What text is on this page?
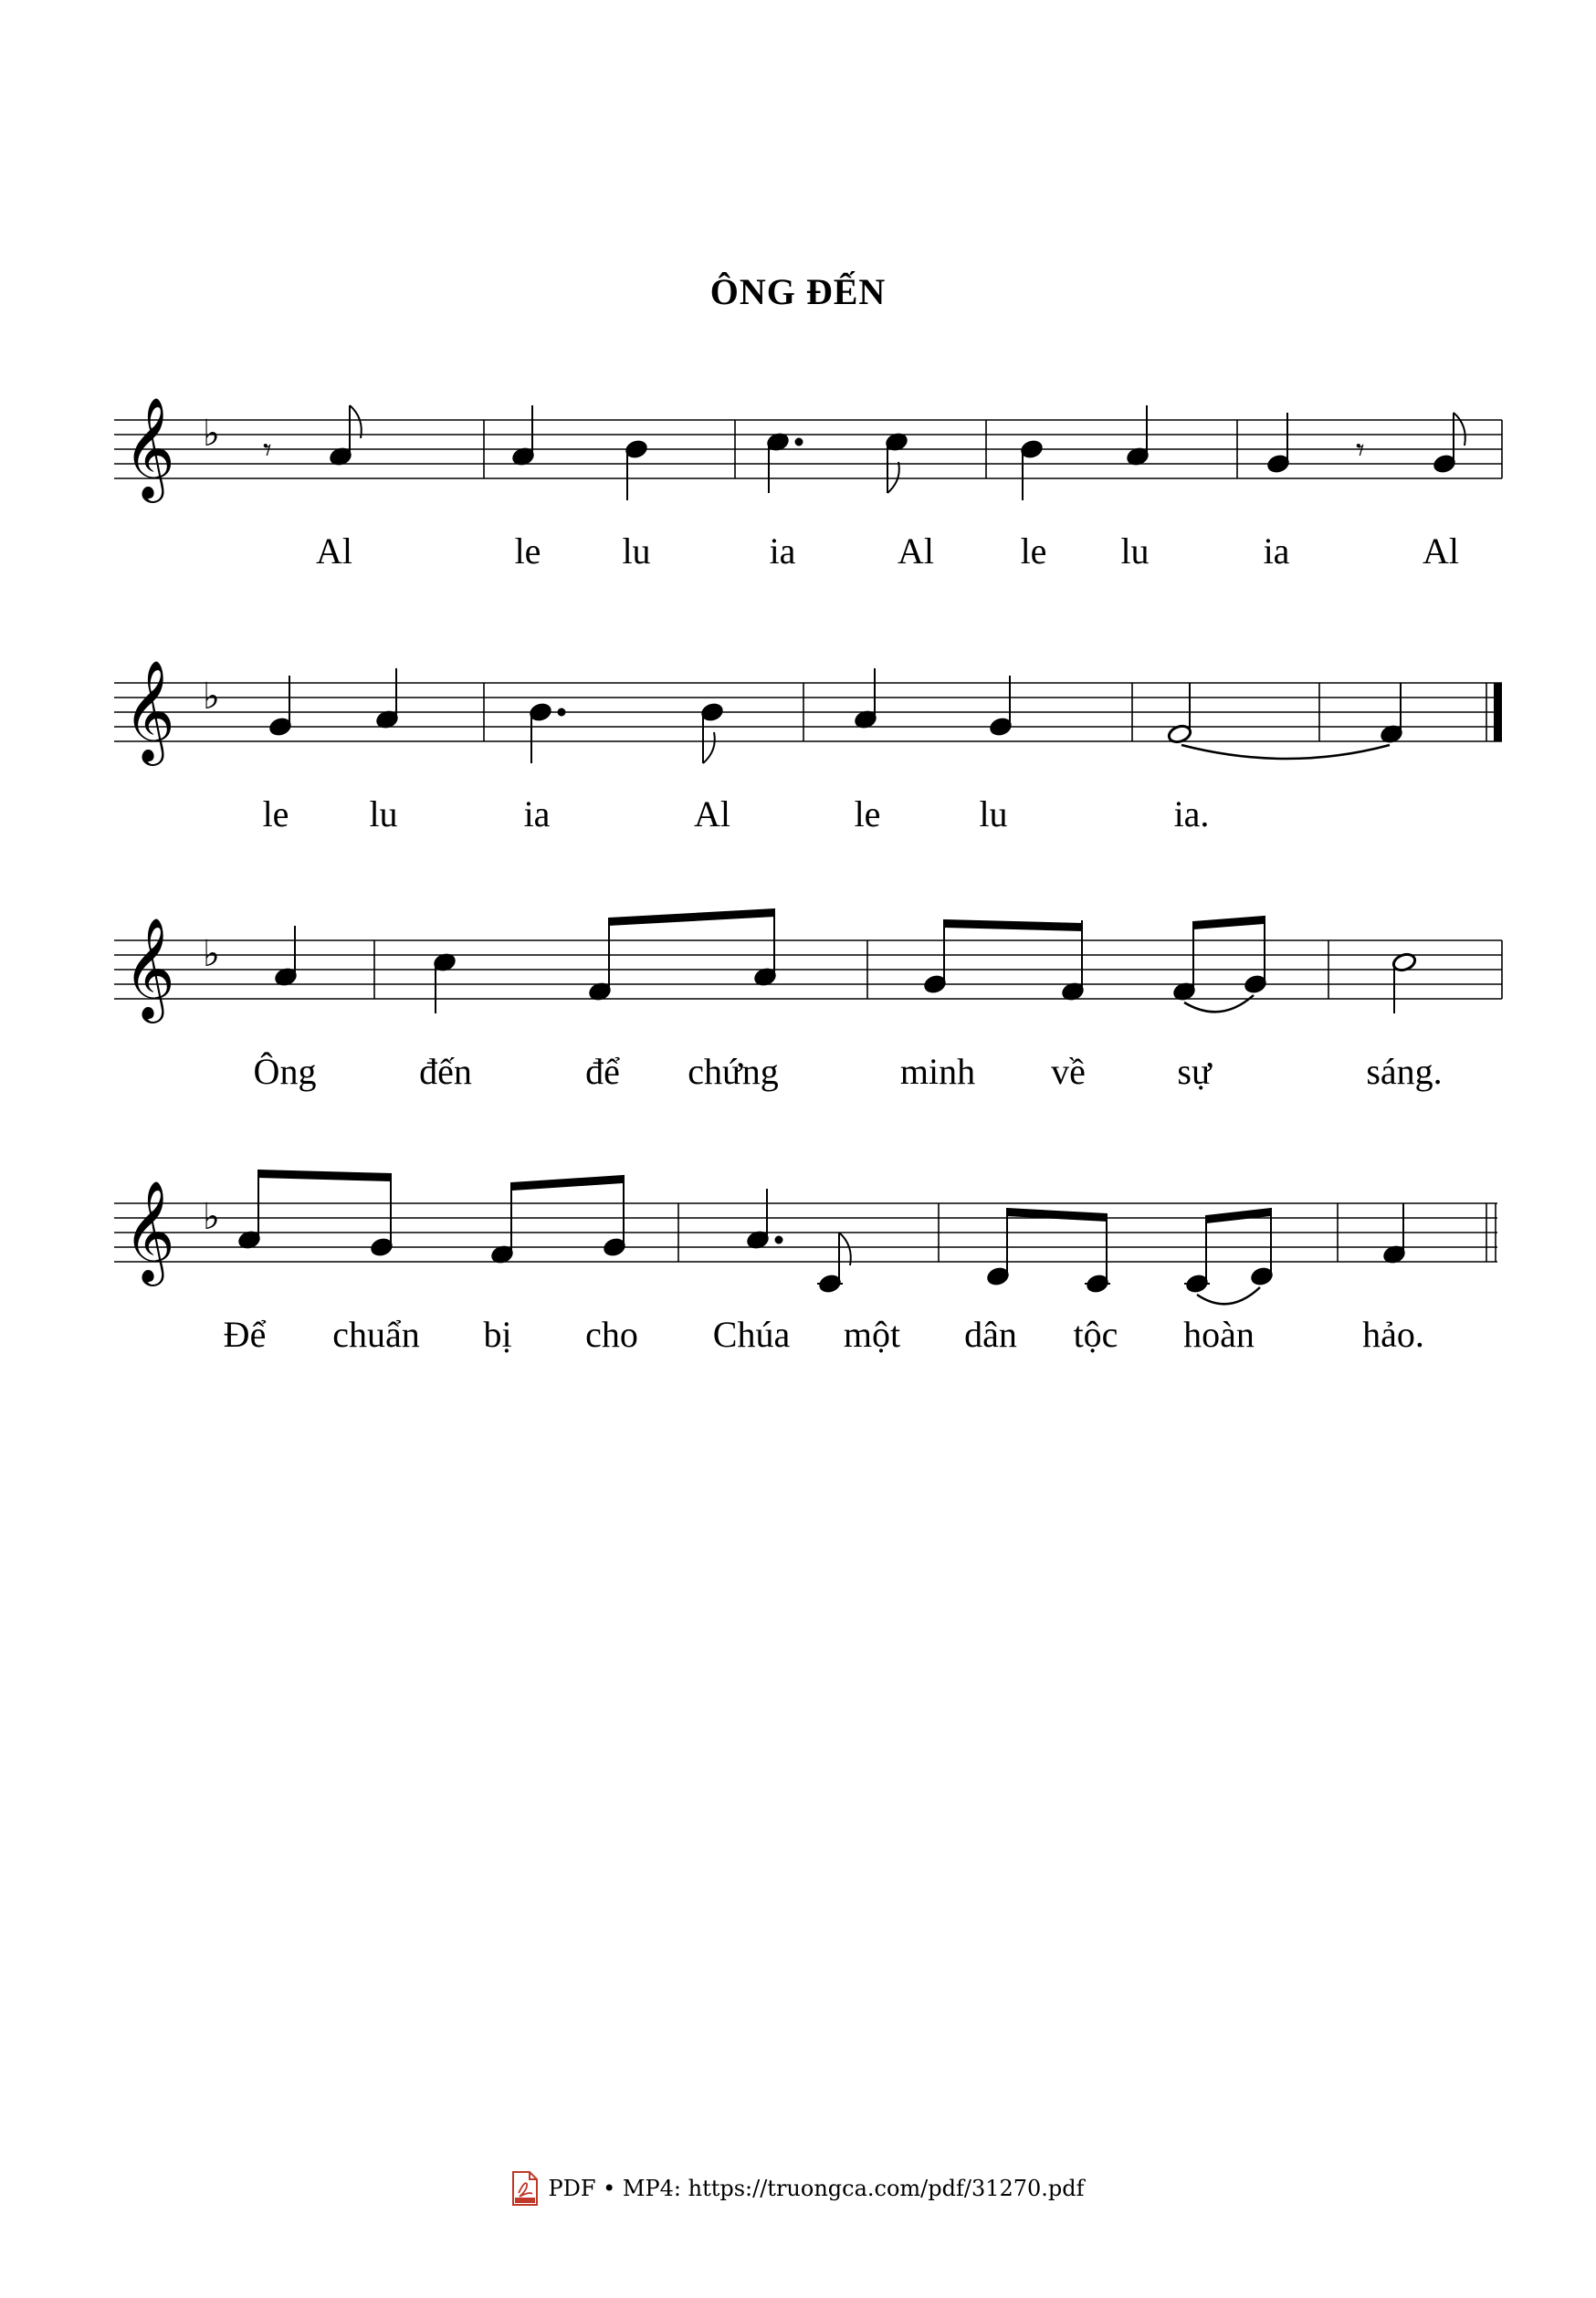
ÔNG ĐẾN
𝄞 ♭ 𝄾	𝄾
Al	le lu	ia	Al le lu	ia	Al
𝄞 ♭
le lu	ia	Al	le	lu	ia.
𝄞 ♭
Ông	đến	để chứng	minh về	sự	sáng.
𝄞 ♭
Để chuẩn bị cho Chúa một dân tộc hoàn	hảo.
PDF • MP4: https://truongca.com/pdf/31270.pdf
